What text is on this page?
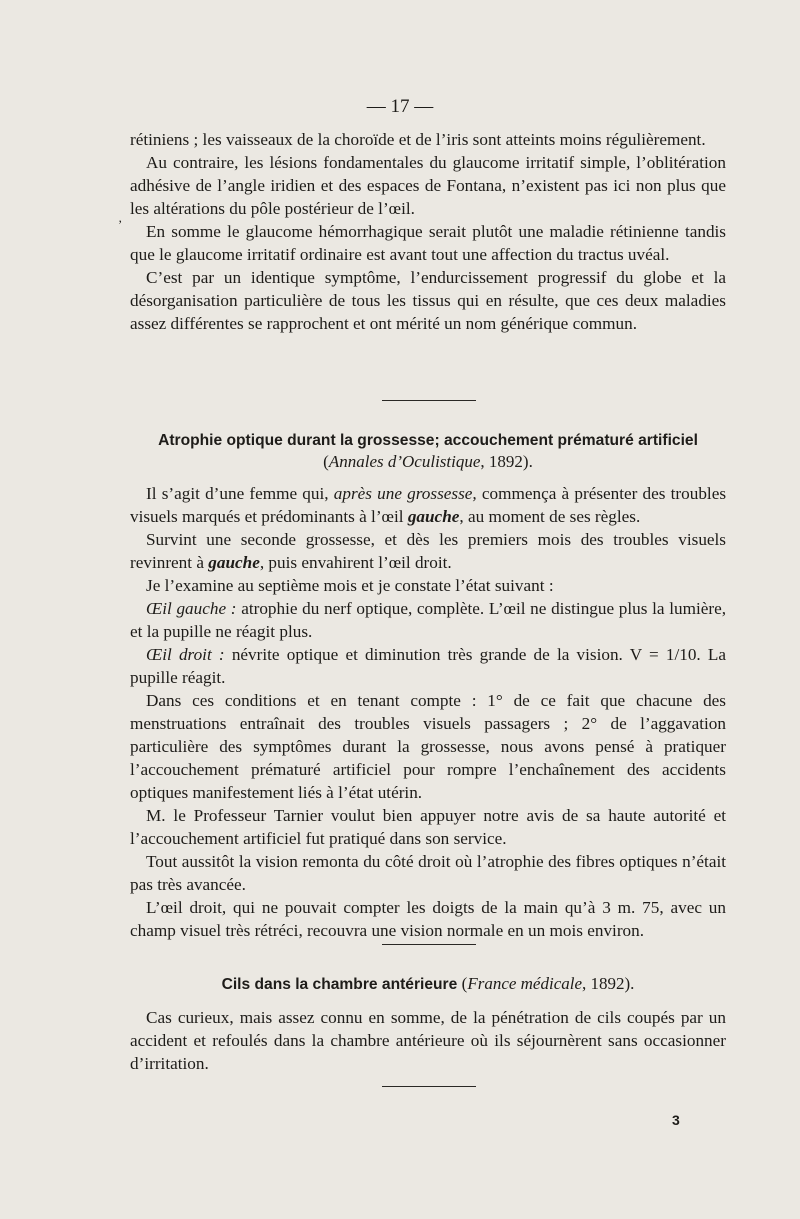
— 17 —
‚

rétiniens ; les vaisseaux de la choroïde et de l’iris sont atteints moins régulièrement.

Au contraire, les lésions fondamentales du glaucome irritatif simple, l’oblitération adhésive de l’angle iridien et des espaces de Fontana, n’existent pas ici non plus que les altérations du pôle postérieur de l’œil.

En somme le glaucome hémorrhagique serait plutôt une maladie rétinienne tandis que le glaucome irritatif ordinaire est avant tout une affection du tractus uvéal.

C’est par un identique symptôme, l’endurcissement progressif du globe et la désorganisation particulière de tous les tissus qui en résulte, que ces deux maladies assez différentes se rapprochent et ont mérité un nom générique commun.

Atrophie optique durant la grossesse; accouchement prématuré artificiel
(Annales d’Oculistique, 1892).

Il s’agit d’une femme qui, après une grossesse, commença à présenter des troubles visuels marqués et prédominants à l’œil gauche, au moment de ses règles.

Survint une seconde grossesse, et dès les premiers mois des troubles visuels revinrent à gauche, puis envahirent l’œil droit.

Je l’examine au septième mois et je constate l’état suivant :

Œil gauche : atrophie du nerf optique, complète. L’œil ne distingue plus la lumière, et la pupille ne réagit plus.

Œil droit : névrite optique et diminution très grande de la vision. V = 1/10. La pupille réagit.

Dans ces conditions et en tenant compte : 1° de ce fait que chacune des menstruations entraînait des troubles visuels passagers ; 2° de l’aggavation particulière des symptômes durant la grossesse, nous avons pensé à pratiquer l’accouchement prématuré artificiel pour rompre l’enchaînement des accidents optiques manifestement liés à l’état utérin.

M. le Professeur Tarnier voulut bien appuyer notre avis de sa haute autorité et l’accouchement artificiel fut pratiqué dans son service.

Tout aussitôt la vision remonta du côté droit où l’atrophie des fibres optiques n’était pas très avancée.

L’œil droit, qui ne pouvait compter les doigts de la main qu’à 3 m. 75, avec un champ visuel très rétréci, recouvra une vision normale en un mois environ.

Cils dans la chambre antérieure (France médicale, 1892).

Cas curieux, mais assez connu en somme, de la pénétration de cils coupés par un accident et refoulés dans la chambre antérieure où ils séjournèrent sans occasionner d’irritation.

3
